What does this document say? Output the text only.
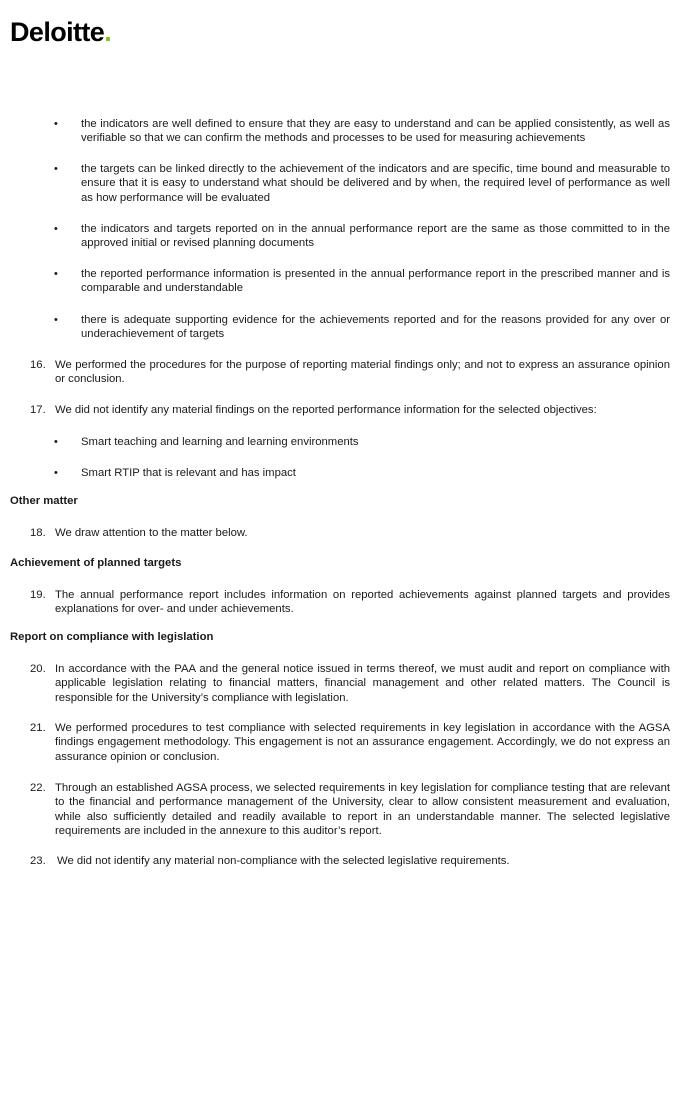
Deloitte.
•	the indicators are well defined to ensure that they are easy to understand and can be applied consistently, as well as verifiable so that we can confirm the methods and processes to be used for measuring achievements
•	the targets can be linked directly to the achievement of the indicators and are specific, time bound and measurable to ensure that it is easy to understand what should be delivered and by when, the required level of performance as well as how performance will be evaluated
•	the indicators and targets reported on in the annual performance report are the same as those committed to in the approved initial or revised planning documents
•	the reported performance information is presented in the annual performance report in the prescribed manner and is comparable and understandable
•	there is adequate supporting evidence for the achievements reported and for the reasons provided for any over or underachievement of targets
16. We performed the procedures for the purpose of reporting material findings only; and not to express an assurance opinion or conclusion.
17. We did not identify any material findings on the reported performance information for the selected objectives:
•	Smart teaching and learning and learning environments
•	Smart RTIP that is relevant and has impact
Other matter
18. We draw attention to the matter below.
Achievement of planned targets
19. The annual performance report includes information on reported achievements against planned targets and provides explanations for over- and under achievements.
Report on compliance with legislation
20. In accordance with the PAA and the general notice issued in terms thereof, we must audit and report on compliance with applicable legislation relating to financial matters, financial management and other related matters. The Council is responsible for the University’s compliance with legislation.
21. We performed procedures to test compliance with selected requirements in key legislation in accordance with the AGSA findings engagement methodology. This engagement is not an assurance engagement. Accordingly, we do not express an assurance opinion or conclusion.
22. Through an established AGSA process, we selected requirements in key legislation for compliance testing that are relevant to the financial and performance management of the University, clear to allow consistent measurement and evaluation, while also sufficiently detailed and readily available to report in an understandable manner. The selected legislative requirements are included in the annexure to this auditor’s report.
23. We did not identify any material non-compliance with the selected legislative requirements.
